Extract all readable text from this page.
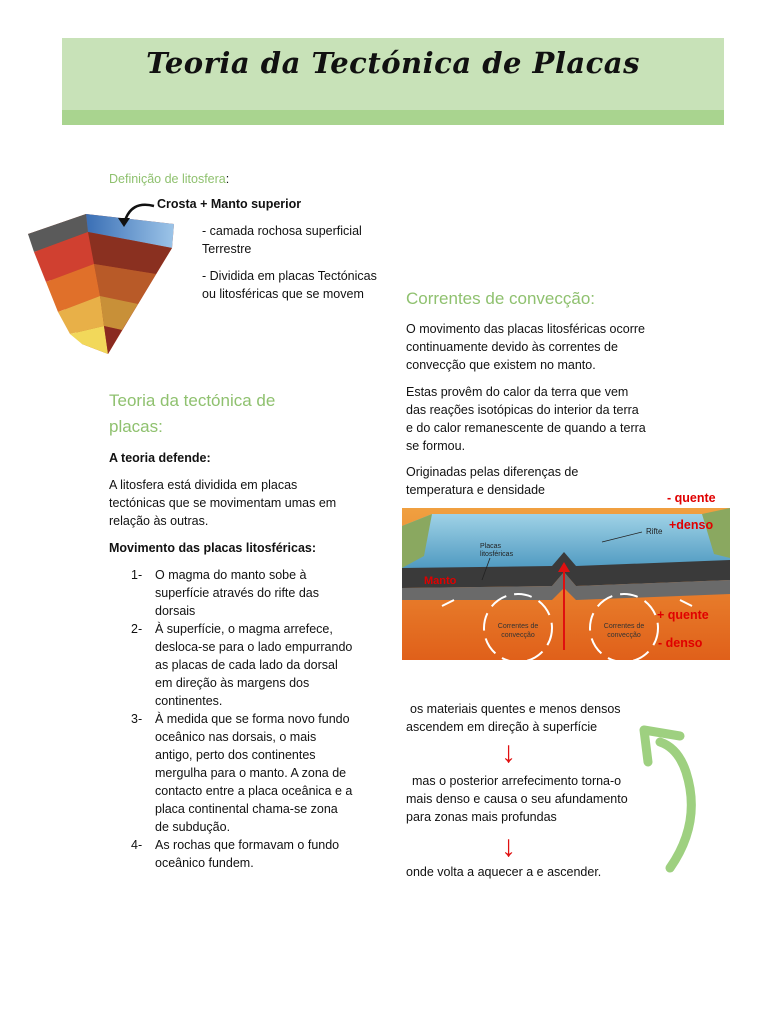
Teoria da Tectónica de Placas
Definição de litosfera:
Crosta + Manto superior
- camada rochosa superficial
Terrestre
- Dividida em placas Tectónicas
ou litosféricas que se movem
Teoria da tectónica de
placas:
A teoria defende:
A litosfera está dividida em placas
tectónicas que se movimentam umas em
relação às outras.
Movimento das placas litosféricas:
1-	O magma do manto sobe à
superfície através do rifte das
dorsais
2-	À superfície, o magma arrefece,
desloca-se para o lado empurrando
as placas de cada lado da dorsal
em direção às margens dos
continentes.
3-	À medida que se forma novo fundo
oceânico nas dorsais, o mais
antigo, perto dos continentes
mergulha para o manto. A zona de
contacto entre a placa oceânica e a
placa continental chama-se zona
de subdução.
4-	As rochas que formavam o fundo
oceânico fundem.
Correntes de convecção:
O movimento das placas litosféricas ocorre
continuamente devido às correntes de
convecção que existem no manto.
Estas provêm do calor da terra que vem
das reações isotópicas do interior da terra
e do calor remanescente de quando a terra
se formou.
Originadas pelas diferenças de
temperatura e densidade
Placas
litosféricas
Rifte
Manto
Correntes de
convecção
Correntes de
convecção
- quente
+denso
+ quente
- denso
os materiais quentes e menos densos
ascendem em direção à superfície
↓
mas o posterior arrefecimento torna-o
mais denso e causa o seu afundamento
para zonas mais profundas
↓
onde volta a aquecer a e ascender.
